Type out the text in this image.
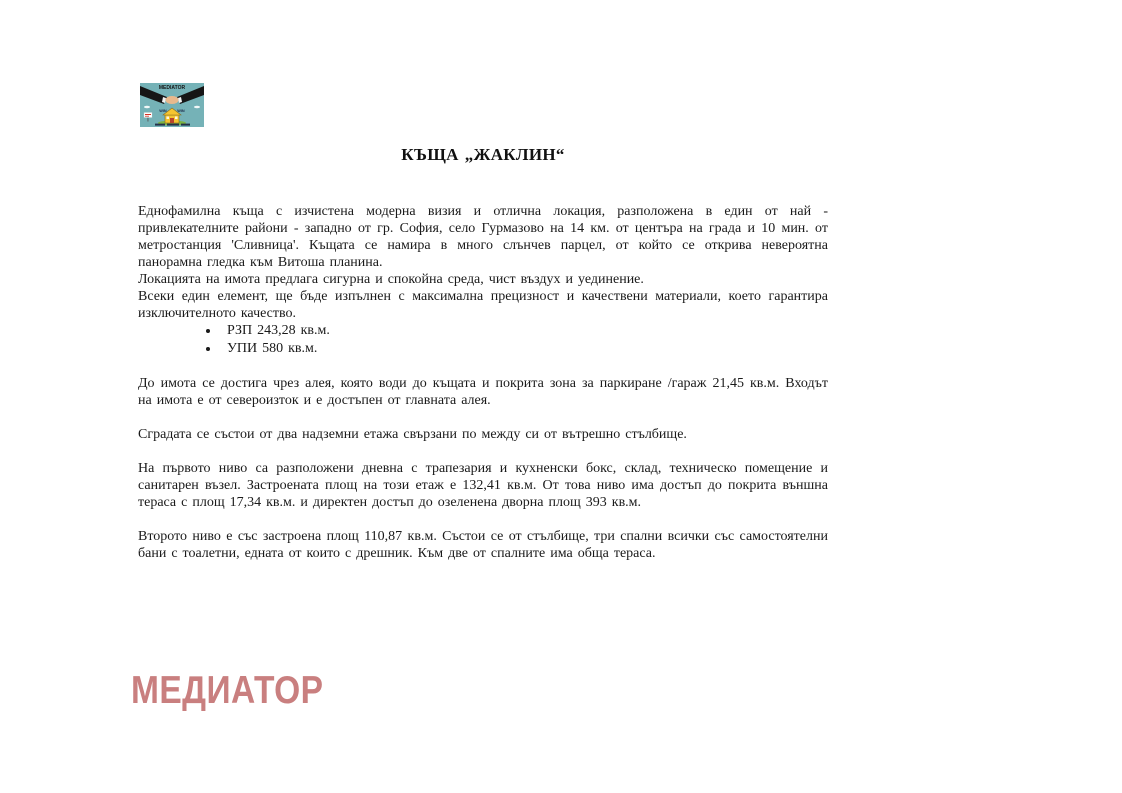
MEDIATOR
WIN	WIN
КЪЩА „ЖАКЛИН“

Еднофамилна къща с изчистена модерна визия и отлична локация, разположена в един от най - привлекателните райони - западно от гр. София, село Гурмазово на 14 км. от центъра на града и 10 мин. от метростанция 'Сливница'. Къщата се намира в много слънчев парцел, от който се открива невероятна панорамна гледка към Витоша планина.

Локацията на имота предлага сигурна и спокойна среда, чист въздух и уединение.

Всеки един елемент, ще бъде изпълнен с максимална прецизност и качествени материали, което гарантира изключителното качество.

• РЗП 243,28 кв.м.
• УПИ 580 кв.м.

До имота се достига чрез алея, която води до къщата и покрита зона за паркиране /гараж 21,45 кв.м. Входът на имота е от североизток и е достъпен от главната алея.

Сградата се състои от два надземни етажа свързани по между си от вътрешно стълбище.

На първото ниво са разположени дневна с трапезария и кухненски бокс, склад, техническо помещение и санитарен възел. Застроената площ на този етаж е 132,41 кв.м. От това ниво има достъп до покрита външна тераса с площ 17,34 кв.м. и директен достъп до озеленена дворна площ 393 кв.м.

Второто ниво е със застроена площ 110,87 кв.м. Състои се от стълбище, три спални всички със самостоятелни бани с тоалетни, едната от които с дрешник. Към две от спалните има обща тераса.

МЕДИАТОР
